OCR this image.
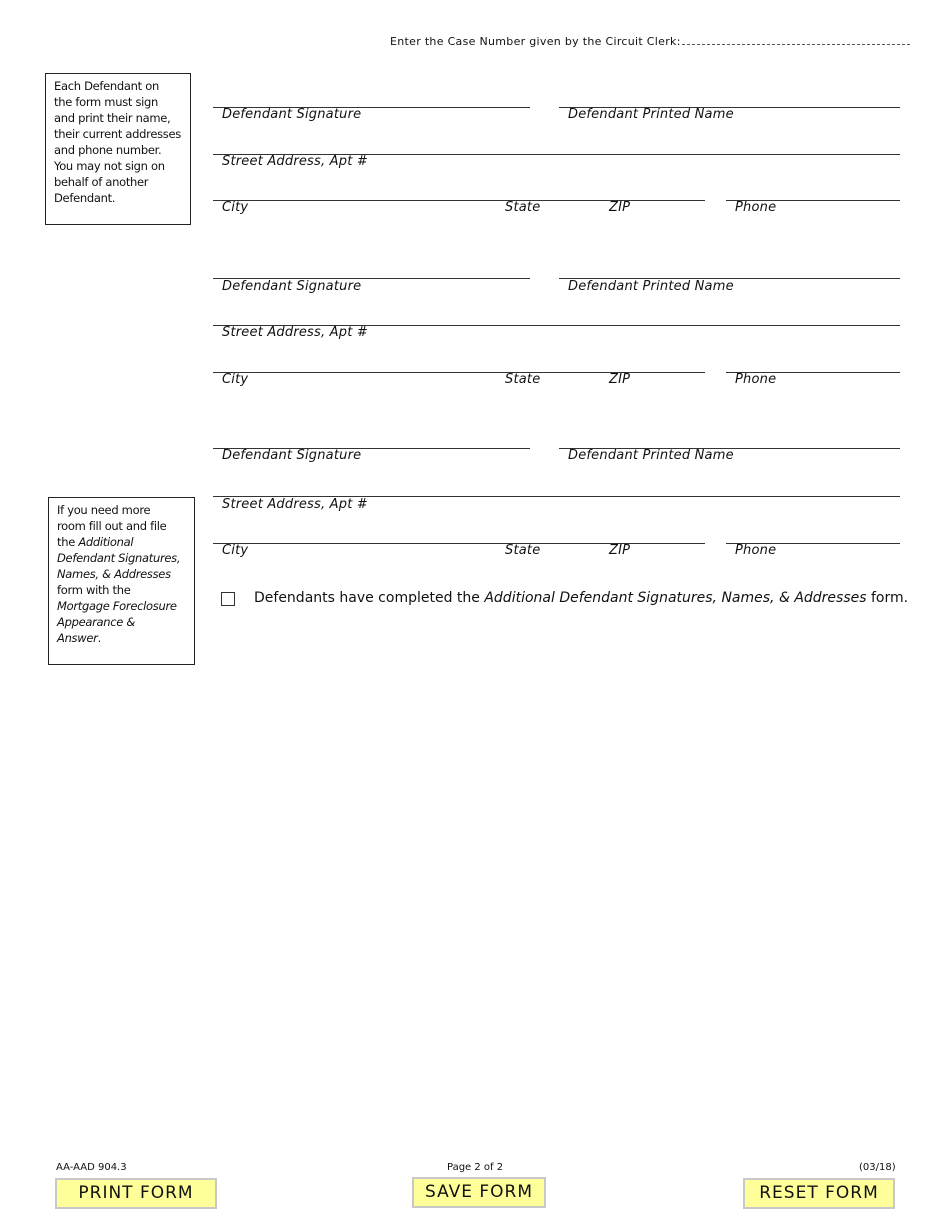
Enter the Case Number given by the Circuit Clerk:
Each Defendant on
the form must sign
and print their name,
their current addresses
and phone number.
You may not sign on
behalf of another
Defendant.
Defendant Signature	Defendant Printed Name
Street Address, Apt #
City	State	ZIP	Phone
Defendant Signature	Defendant Printed Name
Street Address, Apt #
City	State	ZIP	Phone
Defendant Signature	Defendant Printed Name
Street Address, Apt #
City	State	ZIP	Phone
If you need more
room fill out and file
the Additional
Defendant Signatures,
Names, & Addresses
form with the
Mortgage Foreclosure
Appearance &
Answer.
Defendants have completed the Additional Defendant Signatures, Names, & Addresses form.
AA-AAD 904.3	Page 2 of 2	(03/18)
PRINT FORM	SAVE FORM	RESET FORM
